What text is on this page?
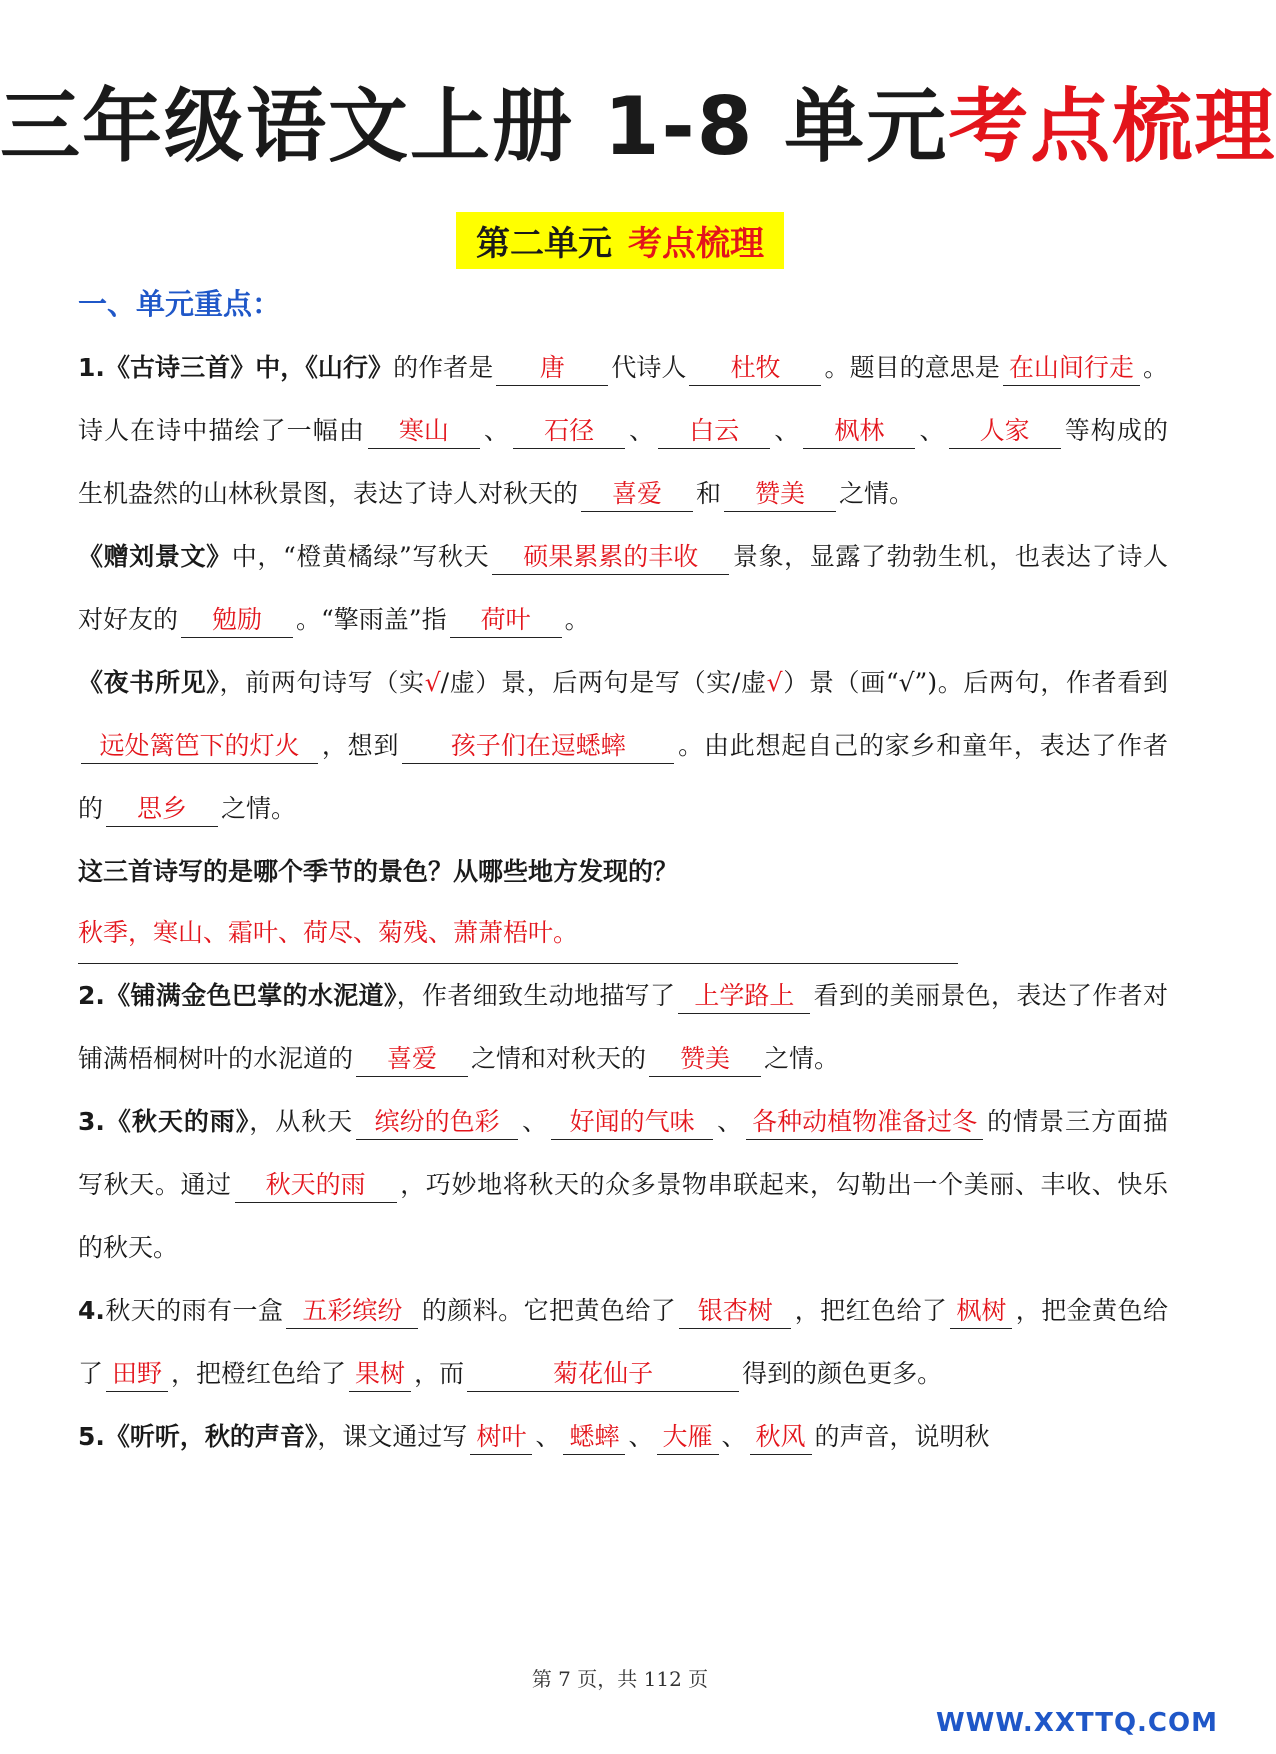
三年级语文上册 1-8 单元考点梳理
第二单元 考点梳理
一、单元重点：

1.《古诗三首》中，《山行》的作者是 唐 代诗人 杜牧 。题目的意思是 在山间行走 。诗人在诗中描绘了一幅由 寒山 、 石径 、 白云 、 枫林 、 人家 等构成的生机盎然的山林秋景图，表达了诗人对秋天的 喜爱 和 赞美 之情。

《赠刘景文》中，“橙黄橘绿”写秋天 硕果累累的丰收 景象，显露了勃勃生机，也表达了诗人对好友的 勉励 。“擎雨盖”指 荷叶 。

《夜书所见》，前两句诗写（实√/虚）景，后两句是写（实/虚√）景（画“√”)。后两句，作者看到远处篱笆下的灯火 ，想到 孩子们在逗蟋蟀 。由此想起自己的家乡和童年，表达了作者的 思乡 之情。

这三首诗写的是哪个季节的景色？从哪些地方发现的？

秋季，寒山、霜叶、荷尽、菊残、萧萧梧叶。

2.《铺满金色巴掌的水泥道》，作者细致生动地描写了 上学路上 看到的美丽景色，表达了作者对铺满梧桐树叶的水泥道的 喜爱 之情和对秋天的 赞美 之情。

3.《秋天的雨》，从秋天 缤纷的色彩 、 好闻的气味 、 各种动植物准备过冬 的情景三方面描写秋天。通过 秋天的雨 ，巧妙地将秋天的众多景物串联起来，勾勒出一个美丽、丰收、快乐的秋天。

4.秋天的雨有一盒 五彩缤纷 的颜料。它把黄色给了 银杏树 ，把红色给了 枫树 ，把金黄色给了 田野 ，把橙红色给了 果树 ，而	菊花仙子	得到的颜色更多。

5.《听听，秋的声音》，课文通过写 树叶 、 蟋蟀 、 大雁 、 秋风 的声音，说明秋

第 7 页，共 112 页
WWW.XXTTQ.COM
